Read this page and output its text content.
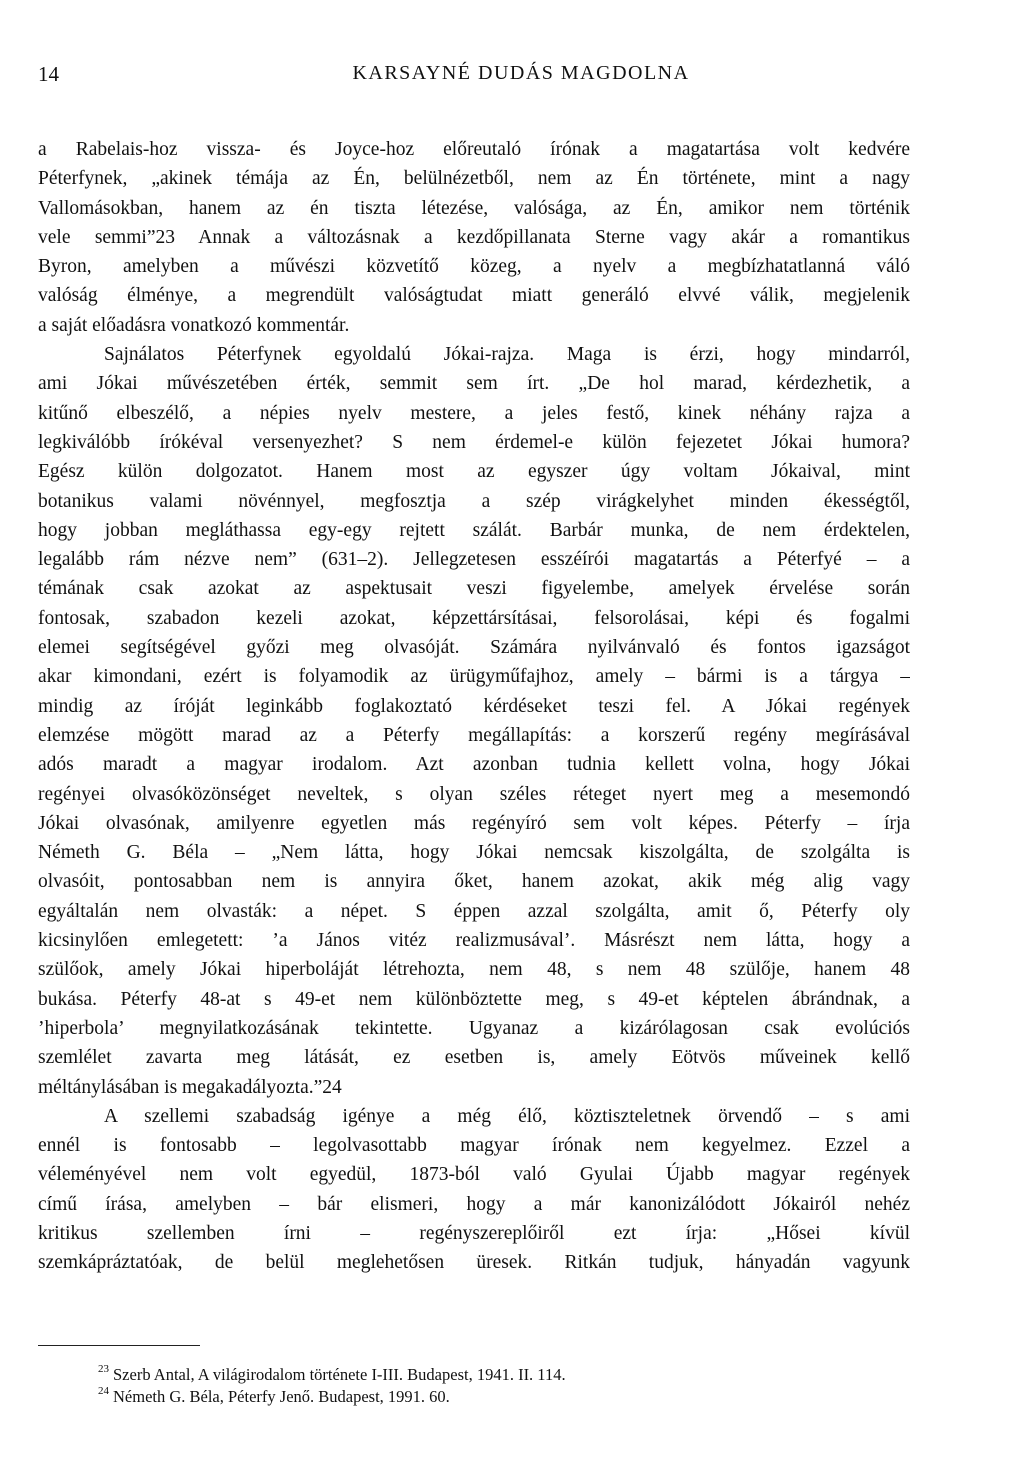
14	KARSAYNÉ DUDÁS MAGDOLNA
a Rabelais-hoz vissza- és Joyce-hoz előreutaló írónak a magatartása volt kedvére
Péterfynek, „akinek témája az Én, belülnézetből, nem az Én története, mint a nagy
Vallomásokban, hanem az én tiszta létezése, valósága, az Én, amikor nem történik
vele semmi”23 Annak a változásnak a kezdőpillanata Sterne vagy akár a romantikus
Byron, amelyben a művészi közvetítő közeg, a nyelv a megbízhatatlanná váló
valóság élménye, a megrendült valóságtudat miatt generáló elvvé válik, megjelenik
a saját előadásra vonatkozó kommentár.
Sajnálatos Péterfynek egyoldalú Jókai-rajza. Maga is érzi, hogy mindarról,
ami Jókai művészetében érték, semmit sem írt. „De hol marad, kérdezhetik, a
kitűnő elbeszélő, a népies nyelv mestere, a jeles festő, kinek néhány rajza a
legkiválóbb írókéval versenyezhet? S nem érdemel-e külön fejezetet Jókai humora?
Egész külön dolgozatot. Hanem most az egyszer úgy voltam Jókaival, mint
botanikus valami növénnyel, megfosztja a szép virágkelyhet minden ékességtől,
hogy jobban megláthassa egy-egy rejtett szálát. Barbár munka, de nem érdektelen,
legalább rám nézve nem” (631–2). Jellegzetesen esszéírói magatartás a Péterfyé – a
témának csak azokat az aspektusait veszi figyelembe, amelyek érvelése során
fontosak, szabadon kezeli azokat, képzettársításai, felsorolásai, képi és fogalmi
elemei segítségével győzi meg olvasóját. Számára nyilvánvaló és fontos igazságot
akar kimondani, ezért is folyamodik az ürügyműfajhoz, amely – bármi is a tárgya –
mindig az íróját leginkább foglakoztató kérdéseket teszi fel. A Jókai regények
elemzése mögött marad az a Péterfy megállapítás: a korszerű regény megírásával
adós maradt a magyar irodalom. Azt azonban tudnia kellett volna, hogy Jókai
regényei olvasóközönséget neveltek, s olyan széles réteget nyert meg a mesemondó
Jókai olvasónak, amilyenre egyetlen más regényíró sem volt képes. Péterfy – írja
Németh G. Béla – „Nem látta, hogy Jókai nemcsak kiszolgálta, de szolgálta is
olvasóit, pontosabban nem is annyira őket, hanem azokat, akik még alig vagy
egyáltalán nem olvasták: a népet. S éppen azzal szolgálta, amit ő, Péterfy oly
kicsinylően emlegetett: ’a János vitéz realizmusával’. Másrészt nem látta, hogy a
szülőok, amely Jókai hiperboláját létrehozta, nem 48, s nem 48 szülője, hanem 48
bukása. Péterfy 48-at s 49-et nem különböztette meg, s 49-et képtelen ábrándnak, a
’hiperbola’ megnyilatkozásának tekintette. Ugyanaz a kizárólagosan csak evolúciós
szemlélet zavarta meg látását, ez esetben is, amely Eötvös műveinek kellő
méltánylásában is megakadályozta.”24
A szellemi szabadság igénye a még élő, köztiszteletnek örvendő – s ami
ennél is fontosabb – legolvasottabb magyar írónak nem kegyelmez. Ezzel a
véleményével nem volt egyedül, 1873-ból való Gyulai Újabb magyar regények
című írása, amelyben – bár elismeri, hogy a már kanonizálódott Jókairól nehéz
kritikus szellemben írni – regényszereplőiről ezt írja: „Hősei kívül
szemkápráztatóak, de belül meglehetősen üresek. Ritkán tudjuk, hányadán vagyunk
$^{23}$ Szerb Antal, A világirodalom története I-III. Budapest, 1941. II. 114.
$^{24}$ Németh G. Béla, Péterfy Jenő. Budapest, 1991. 60.
